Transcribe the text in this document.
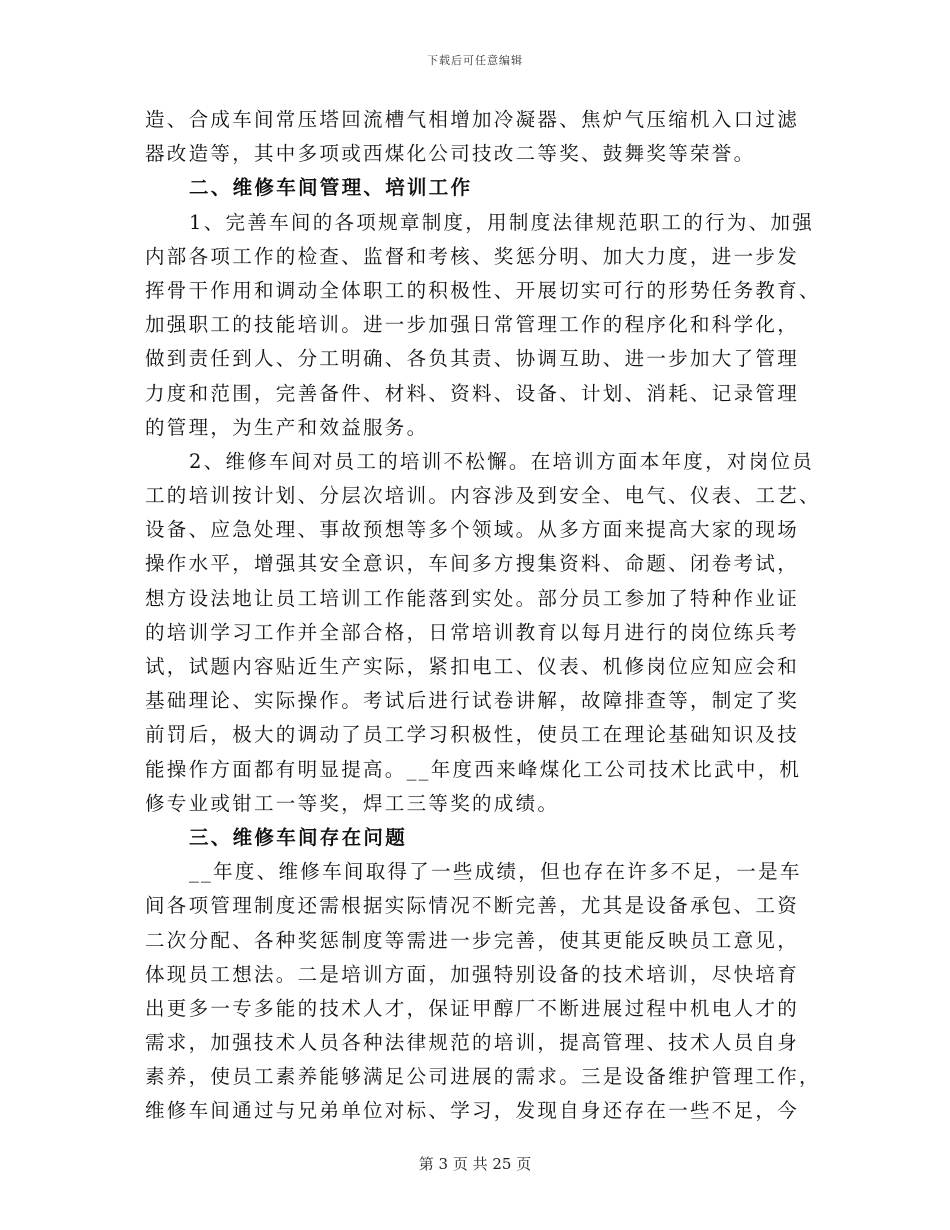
下载后可任意编辑
造、合成车间常压塔回流槽气相增加冷凝器、焦炉气压缩机入口过滤
器改造等，其中多项或西煤化公司技改二等奖、鼓舞奖等荣誉。
二、维修车间管理、培训工作
1、完善车间的各项规章制度，用制度法律规范职工的行为、加强
内部各项工作的检查、监督和考核、奖惩分明、加大力度，进一步发
挥骨干作用和调动全体职工的积极性、开展切实可行的形势任务教育、
加强职工的技能培训。进一步加强日常管理工作的程序化和科学化，
做到责任到人、分工明确、各负其责、协调互助、进一步加大了管理
力度和范围，完善备件、材料、资料、设备、计划、消耗、记录管理
的管理，为生产和效益服务。
2、维修车间对员工的培训不松懈。在培训方面本年度，对岗位员
工的培训按计划、分层次培训。内容涉及到安全、电气、仪表、工艺、
设备、应急处理、事故预想等多个领域。从多方面来提高大家的现场
操作水平，增强其安全意识，车间多方搜集资料、命题、闭卷考试，
想方设法地让员工培训工作能落到实处。部分员工参加了特种作业证
的培训学习工作并全部合格，日常培训教育以每月进行的岗位练兵考
试，试题内容贴近生产实际，紧扣电工、仪表、机修岗位应知应会和
基础理论、实际操作。考试后进行试卷讲解，故障排查等，制定了奖
前罚后，极大的调动了员工学习积极性，使员工在理论基础知识及技
能操作方面都有明显提高。__年度西来峰煤化工公司技术比武中，机
修专业或钳工一等奖，焊工三等奖的成绩。
三、维修车间存在问题
__年度、维修车间取得了一些成绩，但也存在许多不足，一是车
间各项管理制度还需根据实际情况不断完善，尤其是设备承包、工资
二次分配、各种奖惩制度等需进一步完善，使其更能反映员工意见，
体现员工想法。二是培训方面，加强特别设备的技术培训，尽快培育
出更多一专多能的技术人才，保证甲醇厂不断进展过程中机电人才的
需求，加强技术人员各种法律规范的培训，提高管理、技术人员自身
素养，使员工素养能够满足公司进展的需求。三是设备维护管理工作，
维修车间通过与兄弟单位对标、学习，发现自身还存在一些不足，今
第 3 页 共 25 页
